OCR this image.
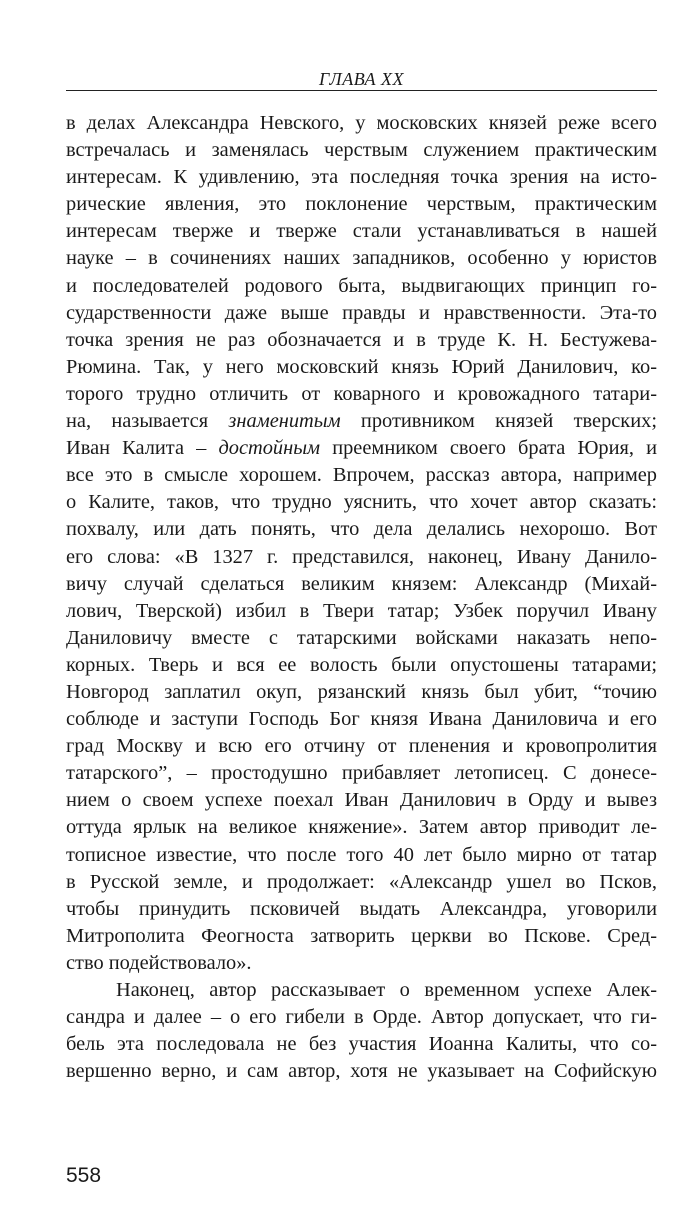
ГЛАВА XX
в делах Александра Невского, у московских князей реже всего
встречалась и заменялась черствым служением практическим
интересам. К удивлению, эта последняя точка зрения на исто-
рические явления, это поклонение черствым, практическим
интересам тверже и тверже стали устанавливаться в нашей
науке – в сочинениях наших западников, особенно у юристов
и последователей родового быта, выдвигающих принцип го-
сударственности даже выше правды и нравственности. Эта-то
точка зрения не раз обозначается и в труде К. Н. Бестужева-
Рюмина. Так, у него московский князь Юрий Данилович, ко-
торого трудно отличить от коварного и кровожадного татари-
на, называется знаменитым противником князей тверских;
Иван Калита – достойным преемником своего брата Юрия, и
все это в смысле хорошем. Впрочем, рассказ автора, например
о Калите, таков, что трудно уяснить, что хочет автор сказать:
похвалу, или дать понять, что дела делались нехорошо. Вот
его слова: «В 1327 г. представился, наконец, Ивану Данило-
вичу случай сделаться великим князем: Александр (Михай-
лович, Тверской) избил в Твери татар; Узбек поручил Ивану
Даниловичу вместе с татарскими войсками наказать непо-
корных. Тверь и вся ее волость были опустошены татарами;
Новгород заплатил окуп, рязанский князь был убит, “точию
соблюде и заступи Господь Бог князя Ивана Даниловича и его
град Москву и всю его отчину от пленения и кровопролития
татарского”, – простодушно прибавляет летописец. С донесе-
нием о своем успехе поехал Иван Данилович в Орду и вывез
оттуда ярлык на великое княжение». Затем автор приводит ле-
тописное известие, что после того 40 лет было мирно от татар
в Русской земле, и продолжает: «Александр ушел во Псков,
чтобы принудить псковичей выдать Александра, уговорили
Митрополита Феогноста затворить церкви во Пскове. Сред-
ство подействовало».
Наконец, автор рассказывает о временном успехе Алек-
сандра и далее – о его гибели в Орде. Автор допускает, что ги-
бель эта последовала не без участия Иоанна Калиты, что со-
вершенно верно, и сам автор, хотя не указывает на Софийскую
558
